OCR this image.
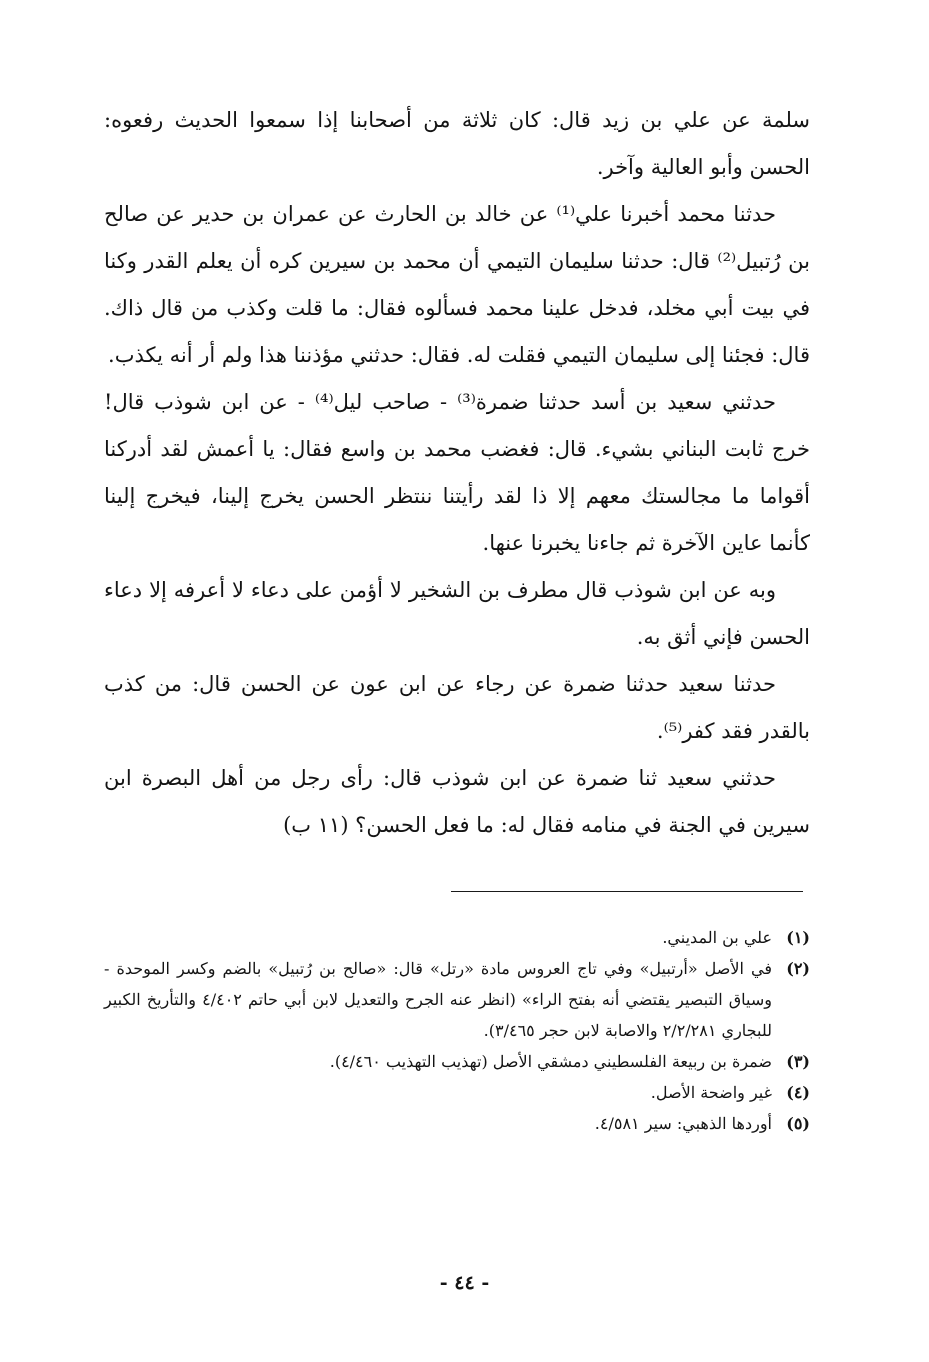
سلمة عن علي بن زيد قال: كان ثلاثة من أصحابنا إذا سمعوا الحديث رفعوه: الحسن وأبو العالية وآخر.

حدثنا محمد أخبرنا علي⁽¹⁾ عن خالد بن الحارث عن عمران بن حدير عن صالح بن رُتبيل⁽²⁾ قال: حدثنا سليمان التيمي أن محمد بن سيرين كره أن يعلم القدر وكنا في بيت أبي مخلد، فدخل علينا محمد فسألوه فقال: ما قلت وكذب من قال ذاك. قال: فجئنا إلى سليمان التيمي فقلت له. فقال: حدثني مؤذننا هذا ولم أر أنه يكذب.

حدثني سعيد بن أسد حدثنا ضمرة⁽³⁾ - صاحب ليل⁽⁴⁾ - عن ابن شوذب قال! خرج ثابت البناني بشيء. قال: فغضب محمد بن واسع فقال: يا أعمش لقد أدركنا أقواما ما مجالستك معهم إلا ذا لقد رأيتنا ننتظر الحسن يخرج إلينا، فيخرج إلينا كأنما عاين الآخرة ثم جاءنا يخبرنا عنها.

وبه عن ابن شوذب قال مطرف بن الشخير لا أؤمن على دعاء لا أعرفه إلا دعاء الحسن فإني أثق به.

حدثنا سعيد حدثنا ضمرة عن رجاء عن ابن عون عن الحسن قال: من كذب بالقدر فقد كفر⁽⁵⁾.

حدثني سعيد ثنا ضمرة عن ابن شوذب قال: رأى رجل من أهل البصرة ابن سيرين في الجنة في منامه فقال له: ما فعل الحسن؟ (١١ ب)

(١)
علي بن المديني.
(٢)
في الأصل «أرتبيل» وفي تاج العروس مادة «رتل» قال: «صالح بن رُتبيل» بالضم وكسر الموحدة - وسياق التبصير يقتضي أنه بفتح الراء» (انظر عنه الجرح والتعديل لابن أبي حاتم ٤/٤٠٢ والتأريخ الكبير للبجاري ٢/٢/٢٨١ والاصابة لابن حجر ٣/٤٦٥).
(٣)
ضمرة بن ربيعة الفلسطيني دمشقي الأصل (تهذيب التهذيب ٤/٤٦٠).
(٤)
غير واضحة الأصل.
(٥)
أوردها الذهبي: سير ٤/٥٨١.
- ٤٤ -
